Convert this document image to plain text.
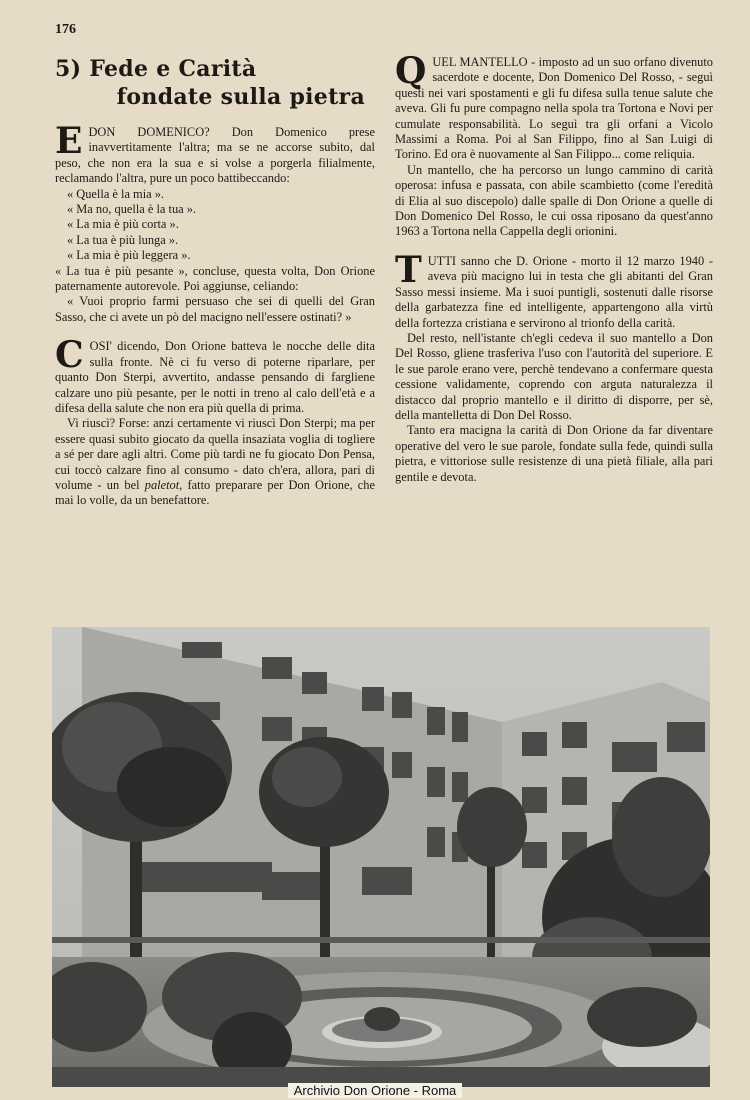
176
5) Fede e Carità
fondate sulla pietra

EDON DOMENICO? Don Domenico prese inavvertitamente l'altra; ma se ne accorse subito, dal peso, che non era la sua e si volse a porgerla filialmente, reclamando l'altra, pure un poco battibeccando:

« Quella è la mia ».

« Ma no, quella è la tua ».

« La mia è più corta ».

« La tua è più lunga ».

« La mia è più leggera ».

« La tua è più pesante », concluse, questa volta, Don Orione paternamente autorevole. Poi aggiunse, celiando:

« Vuoi proprio farmi persuaso che sei di quelli del Gran Sasso, che ci avete un pò del macigno nell'essere ostinati? »

COSI' dicendo, Don Orione batteva le nocche delle dita sulla fronte. Nè ci fu verso di poterne riparlare, per quanto Don Sterpi, avvertito, andasse pensando di fargliene calzare uno più pesante, per le notti in treno al calo dell'età e a difesa della salute che non era più quella di prima.

Vi riuscì? Forse: anzi certamente vi riuscì Don Sterpi; ma per essere quasi subito giocato da quella insaziata voglia di togliere a sé per dare agli altri. Come più tardi ne fu giocato Don Pensa, cui toccò calzare fino al consumo - dato ch'era, allora, pari di volume - un bel paletot, fatto preparare per Don Orione, che mai lo volle, da un benefattore.

QUEL MANTELLO - imposto ad un suo orfano divenuto sacerdote e docente, Don Domenico Del Rosso, - seguì questi nei vari spostamenti e gli fu difesa sulla tenue salute che aveva. Gli fu pure compagno nella spola tra Tortona e Novi per cumulate responsabilità. Lo seguì tra gli orfani a Vicolo Massimi a Roma. Poi al San Filippo, fino al San Luigi di Torino. Ed ora è nuovamente al San Filippo... come reliquia.

Un mantello, che ha percorso un lungo cammino di carità operosa: infusa e passata, con abile scambietto (come l'eredità di Elia al suo discepolo) dalle spalle di Don Orione a quelle di Don Domenico Del Rosso, le cui ossa riposano da quest'anno 1963 a Tortona nella Cappella degli orionini.

TUTTI sanno che D. Orione - morto il 12 marzo 1940 - aveva più macigno lui in testa che gli abitanti del Gran Sasso messi insieme. Ma i suoi puntigli, sostenuti dalle risorse della garbatezza fine ed intelligente, appartengono alla virtù della fortezza cristiana e servirono al trionfo della carità.

Del resto, nell'istante ch'egli cedeva il suo mantello a Don Del Rosso, gliene trasferiva l'uso con l'autorità del superiore. E le sue parole erano vere, perchè tendevano a confermare questa cessione validamente, coprendo con arguta naturalezza il distacco dal proprio mantello e il diritto di disporre, per sè, della mantelletta di Don Del Rosso.

Tanto era macigna la carità di Don Orione da far diventare operative del vero le sue parole, fondate sulla fede, quindi sulla pietra, e vittoriose sulle resistenze di una pietà filiale, alla pari gentile e devota.

Archivio Don Orione - Roma
